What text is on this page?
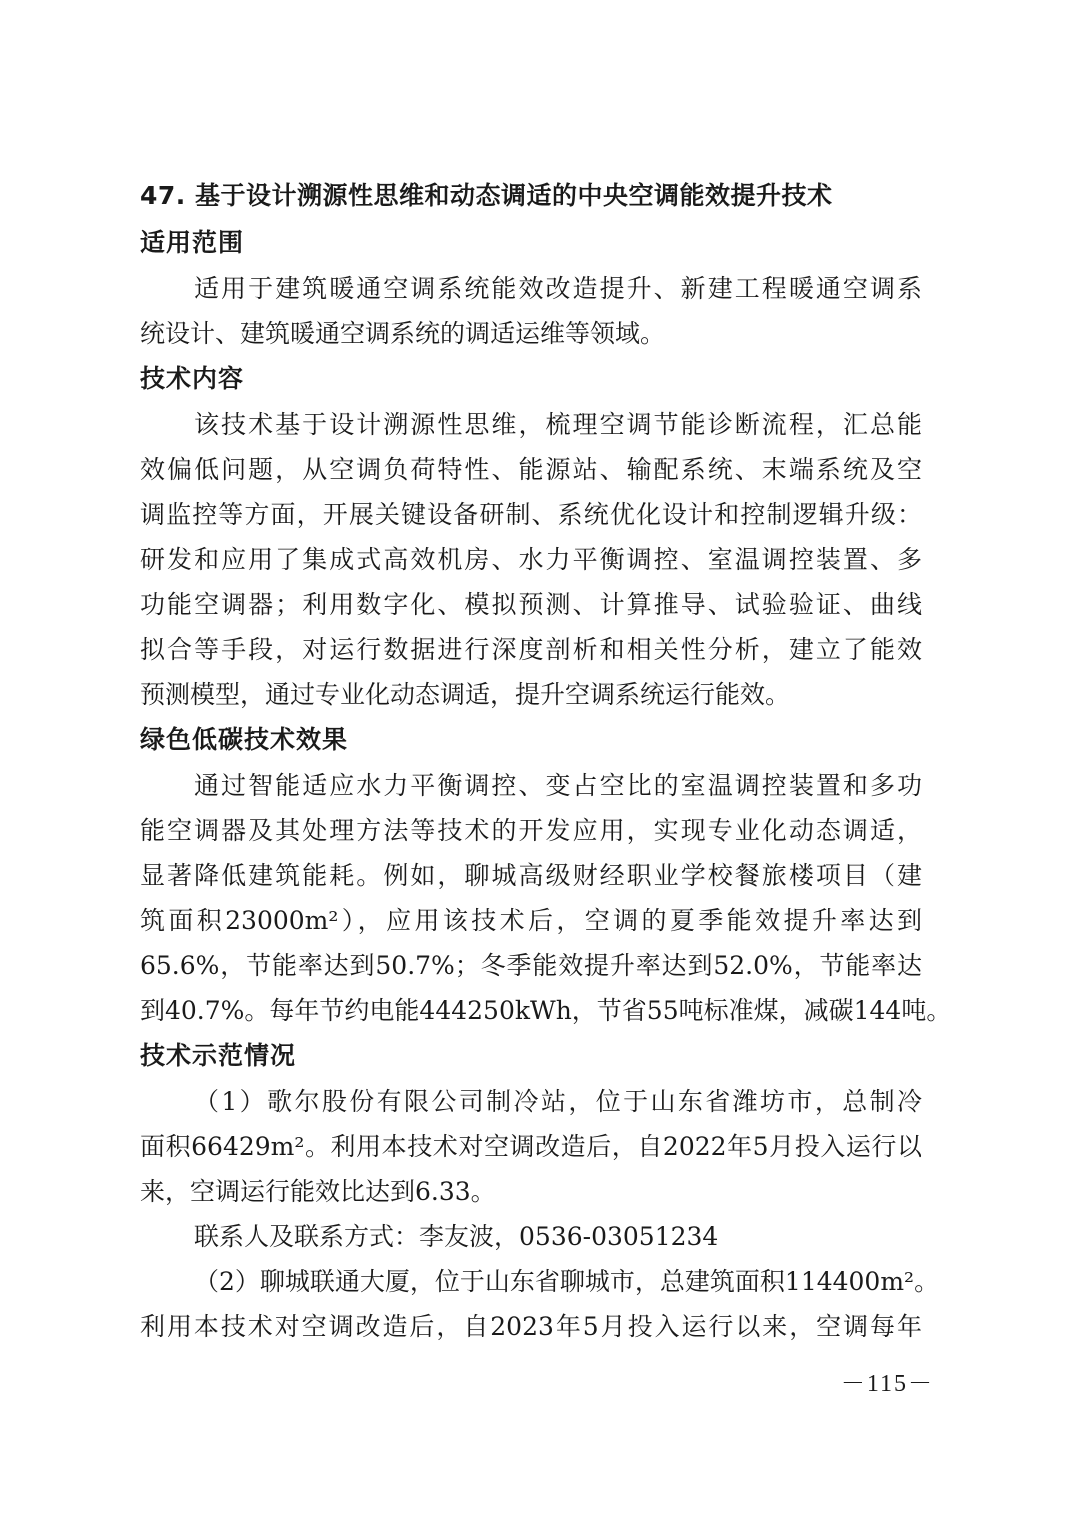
47. 基于设计溯源性思维和动态调适的中央空调能效提升技术
适用范围
适用于建筑暖通空调系统能效改造提升、新建工程暖通空调系
统设计、建筑暖通空调系统的调适运维等领域。
技术内容
该技术基于设计溯源性思维，梳理空调节能诊断流程，汇总能
效偏低问题，从空调负荷特性、能源站、输配系统、末端系统及空
调监控等方面，开展关键设备研制、系统优化设计和控制逻辑升级：
研发和应用了集成式高效机房、水力平衡调控、室温调控装置、多
功能空调器；利用数字化、模拟预测、计算推导、试验验证、曲线
拟合等手段，对运行数据进行深度剖析和相关性分析，建立了能效
预测模型，通过专业化动态调适，提升空调系统运行能效。
绿色低碳技术效果
通过智能适应水力平衡调控、变占空比的室温调控装置和多功
能空调器及其处理方法等技术的开发应用，实现专业化动态调适，
显著降低建筑能耗。例如，聊城高级财经职业学校餐旅楼项目（建
筑面积23000m²），应用该技术后，空调的夏季能效提升率达到
65.6%，节能率达到50.7%；冬季能效提升率达到52.0%，节能率达
到40.7%。每年节约电能444250kWh，节省55吨标准煤，减碳144吨。
技术示范情况
（1）歌尔股份有限公司制冷站，位于山东省潍坊市，总制冷
面积66429m²。利用本技术对空调改造后，自2022年5月投入运行以
来，空调运行能效比达到6.33。
联系人及联系方式：李友波，0536-03051234
（2）聊城联通大厦，位于山东省聊城市，总建筑面积114400m²。
利用本技术对空调改造后，自2023年5月投入运行以来，空调每年
－115－
